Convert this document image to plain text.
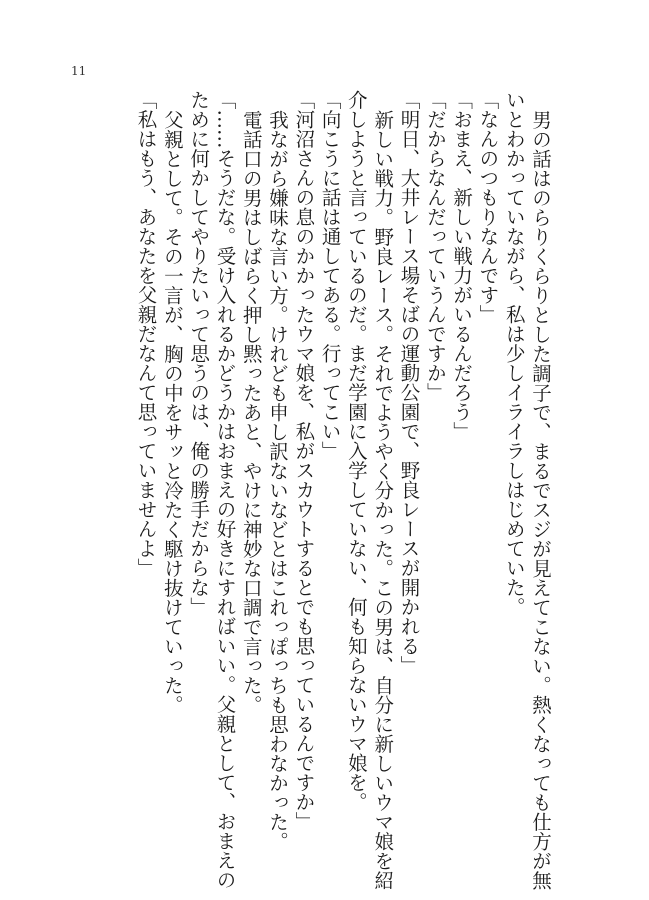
11

男の話はのらりくらりとした調子で、まるでスジが見えてこない。熱くなっても仕方が無

いとわかっていながら、私は少しイライラしはじめていた。

「なんのつもりなんです」

「おまえ、新しい戦力がいるんだろう」

「だからなんだっていうんですか」

「明日、大井レース場そばの運動公園で、野良レースが開かれる」

新しい戦力。野良レース。それでようやく分かった。この男は、自分に新しいウマ娘を紹

介しようと言っているのだ。まだ学園に入学していない、何も知らないウマ娘を。

「向こうに話は通してある。行ってこい」

「河沼さんの息のかかったウマ娘を、私がスカウトするとでも思っているんですか」

我ながら嫌味な言い方。けれども申し訳ないなどとはこれっぽっちも思わなかった。

電話口の男はしばらく押し黙ったあと、やけに神妙な口調で言った。

「……そうだな。受け入れるかどうかはおまえの好きにすればいい。父親として、おまえの

ために何かしてやりたいって思うのは、俺の勝手だからな」

父親として。その一言が、胸の中をサッと冷たく駆け抜けていった。

「私はもう、あなたを父親だなんて思っていませんよ」
